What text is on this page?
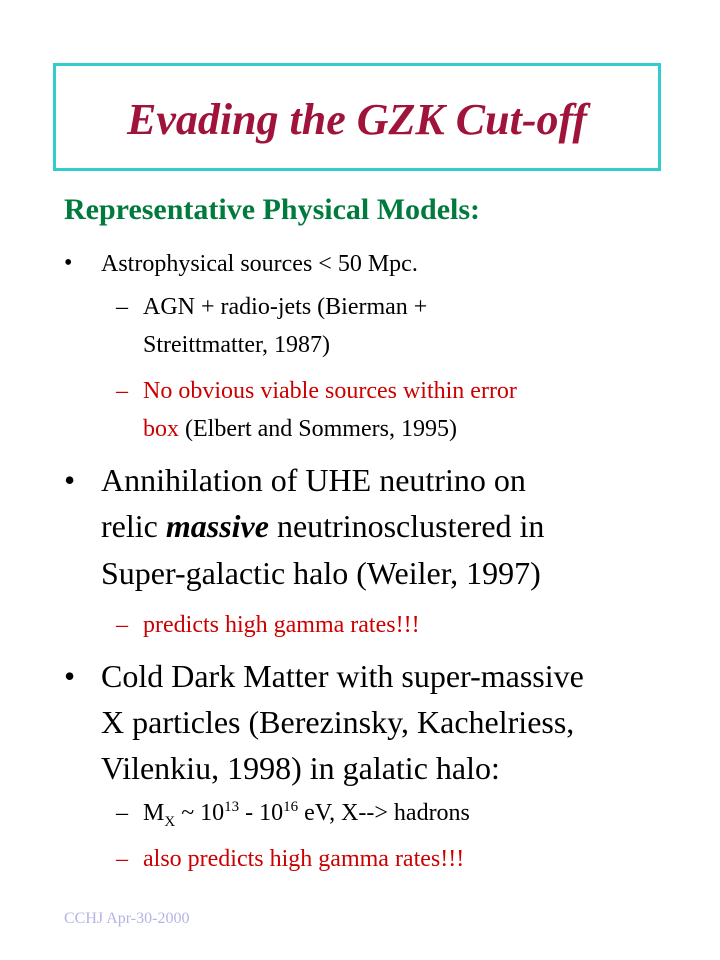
Evading the GZK Cut-off
Representative Physical Models:
• Astrophysical sources < 50 Mpc.
– AGN + radio-jets (Bierman +
Streittmatter, 1987)
– No obvious viable sources within error
box (Elbert and Sommers, 1995)
• Annihilation of UHE neutrino on
relic massive neutrinosclustered in
Super-galactic halo (Weiler, 1997)
– predicts high gamma rates!!!
• Cold Dark Matter with super-massive
X particles (Berezinsky, Kachelriess,
Vilenkiu, 1998) in galatic halo:
– $M_X$ ~ $10^{13} - 10^{16}$ eV, X--> hadrons
– also predicts high gamma rates!!!
CCHJ Apr-30-2000
